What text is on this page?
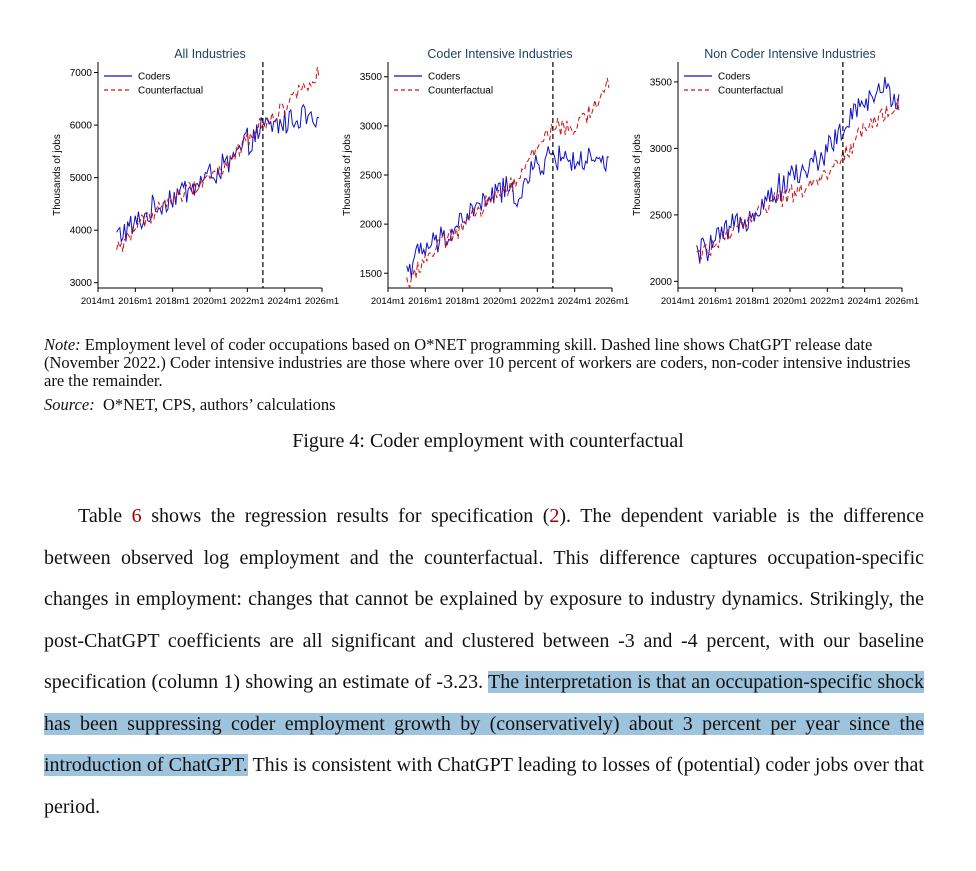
All Industries
3000
4000
5000
6000
7000
2014m1 2016m1 2018m1 2020m1 2022m1 2024m1 2026m1
Thousands of jobs
Coders
Counterfactual
Coder Intensive Industries
1500
2000
2500
3000
3500
2014m1 2016m1 2018m1 2020m1 2022m1 2024m1 2026m1
Thousands of jobs
Coders
Counterfactual
Non Coder Intensive Industries
2000
2500
3000
3500
2014m1 2016m1 2018m1 2020m1 2022m1 2024m1 2026m1
Thousands of jobs
Coders
Counterfactual
Note: Employment level of coder occupations based on O*NET programming skill. Dashed line shows ChatGPT release date (November 2022.) Coder intensive industries are those where over 10 percent of workers are coders, non-coder intensive industries are the remainder.
Source:  O*NET, CPS, authors’ calculations
Figure 4: Coder employment with counterfactual

Table 6 shows the regression results for specification (2). The dependent variable is the difference between observed log employment and the counterfactual. This difference captures occupation-specific changes in employment: changes that cannot be explained by exposure to industry dynamics. Strikingly, the post-ChatGPT coefficients are all significant and clustered between -3 and -4 percent, with our baseline specification (column 1) showing an estimate of -3.23. The interpretation is that an occupation-specific shock has been suppressing coder employment growth by (conservatively) about 3 percent per year since the introduction of ChatGPT. This is consistent with ChatGPT leading to losses of (potential) coder jobs over that period.
